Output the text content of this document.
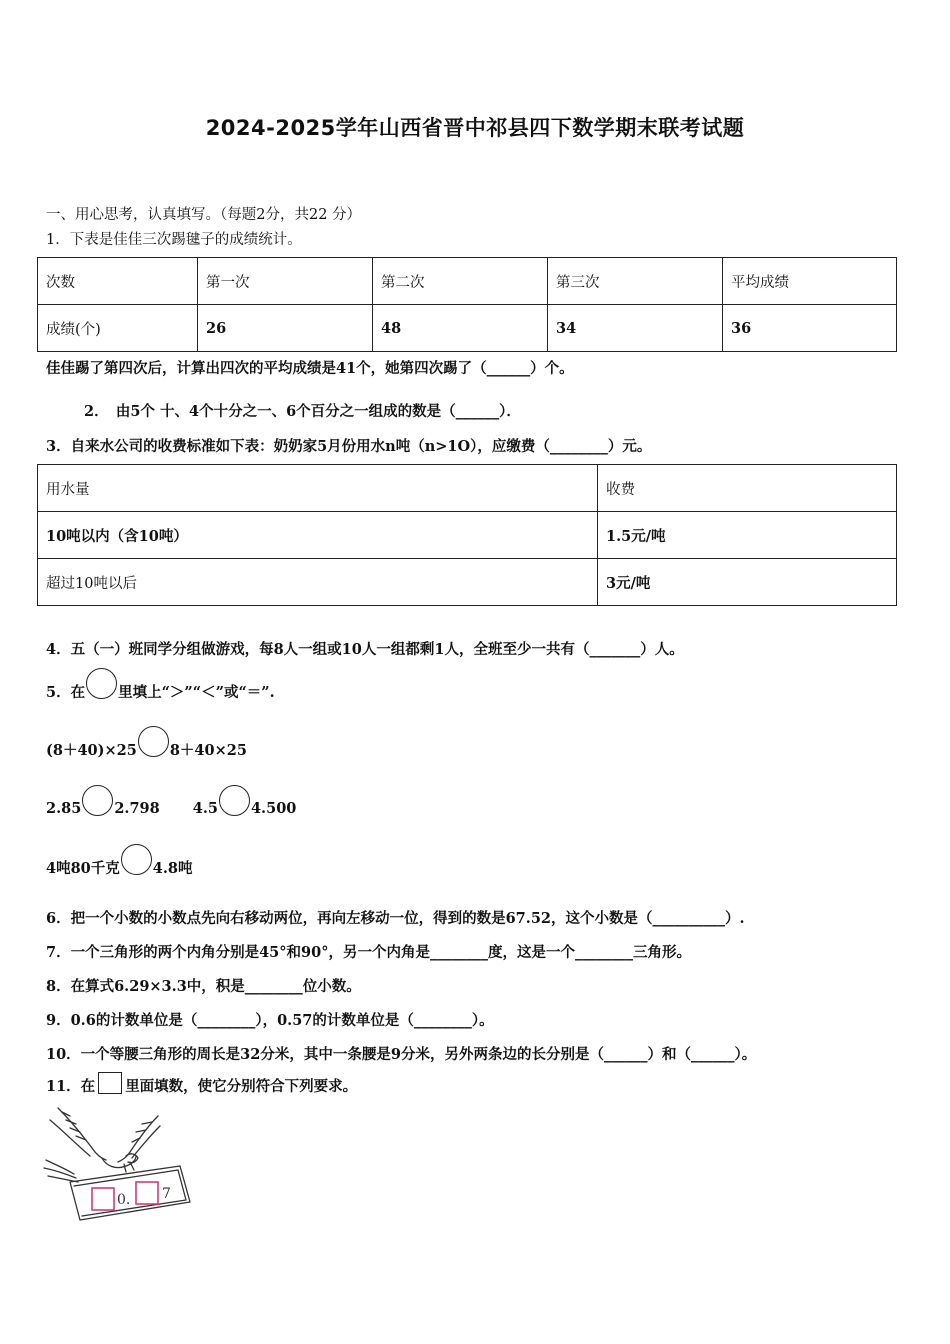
2024-2025学年山西省晋中祁县四下数学期末联考试题
一、用心思考，认真填写。（每题2分，共22 分）
1．下表是佳佳三次踢毽子的成绩统计。
次数	第一次	第二次	第三次	平均成绩
成绩(个)	26	48	34	36
佳佳踢了第四次后，计算出四次的平均成绩是41个，她第四次踢了（______）个。
2．　由5个 十、4个十分之一、6个百分之一组成的数是（______）．
3．自来水公司的收费标准如下表：奶奶家5月份用水n吨（n>1O），应缴费（________）元。
用水量	收费
10吨以内（含10吨）	1.5元/吨
超过10吨以后	3元/吨
4．五（一）班同学分组做游戏，每8人一组或10人一组都剩1人，全班至少一共有（_______）人。
5．在 里填上“＞”“＜”或“＝”.
(8＋40)×25 8＋40×25
2.85 2.798 4.5 4.500
4吨80千克 4.8吨
6．把一个小数的小数点先向右移动两位，再向左移动一位，得到的数是67.52，这个小数是（__________）.
7．一个三角形的两个内角分别是45°和90°，另一个内角是________度，这是一个________三角形。
8．在算式6.29×3.3中，积是________位小数。
9．0.6的计数单位是（________），0.57的计数单位是（________）。
10．一个等腰三角形的周长是32分米，其中一条腰是9分米，另外两条边的长分别是（______）和（______）。
11．在 里面填数，使它分别符合下列要求。
0. 7
